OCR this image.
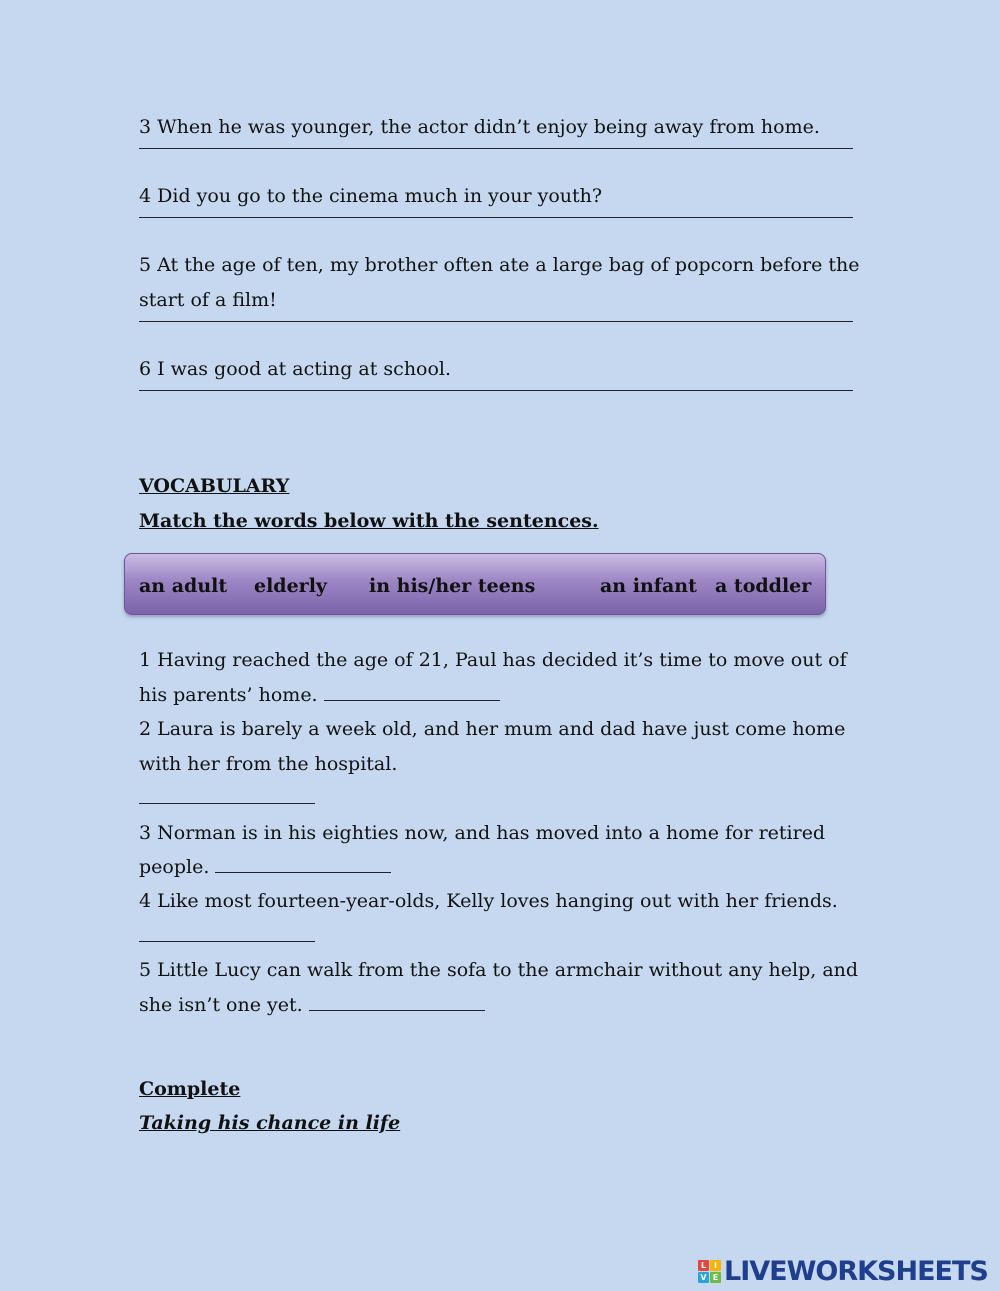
3 When he was younger, the actor didn’t enjoy being away from home.
4 Did you go to the cinema much in your youth?
5 At the age of ten, my brother often ate a large bag of popcorn before the
start of a film!
6 I was good at acting at school.
VOCABULARY
Match the words below with the sentences.
1 Having reached the age of 21, Paul has decided it’s time to move out of
his parents’ home.
2 Laura is barely a week old, and her mum and dad have just come home
with her from the hospital.
3 Norman is in his eighties now, and has moved into a home for retired
people.
4 Like most fourteen-year-olds, Kelly loves hanging out with her friends.
5 Little Lucy can walk from the sofa to the armchair without any help, and
she isn’t one yet.
Complete
Taking his chance in life
an adult elderly in his/her teens	an infant a toddler
L I
V E LIVEWORKSHEETS
